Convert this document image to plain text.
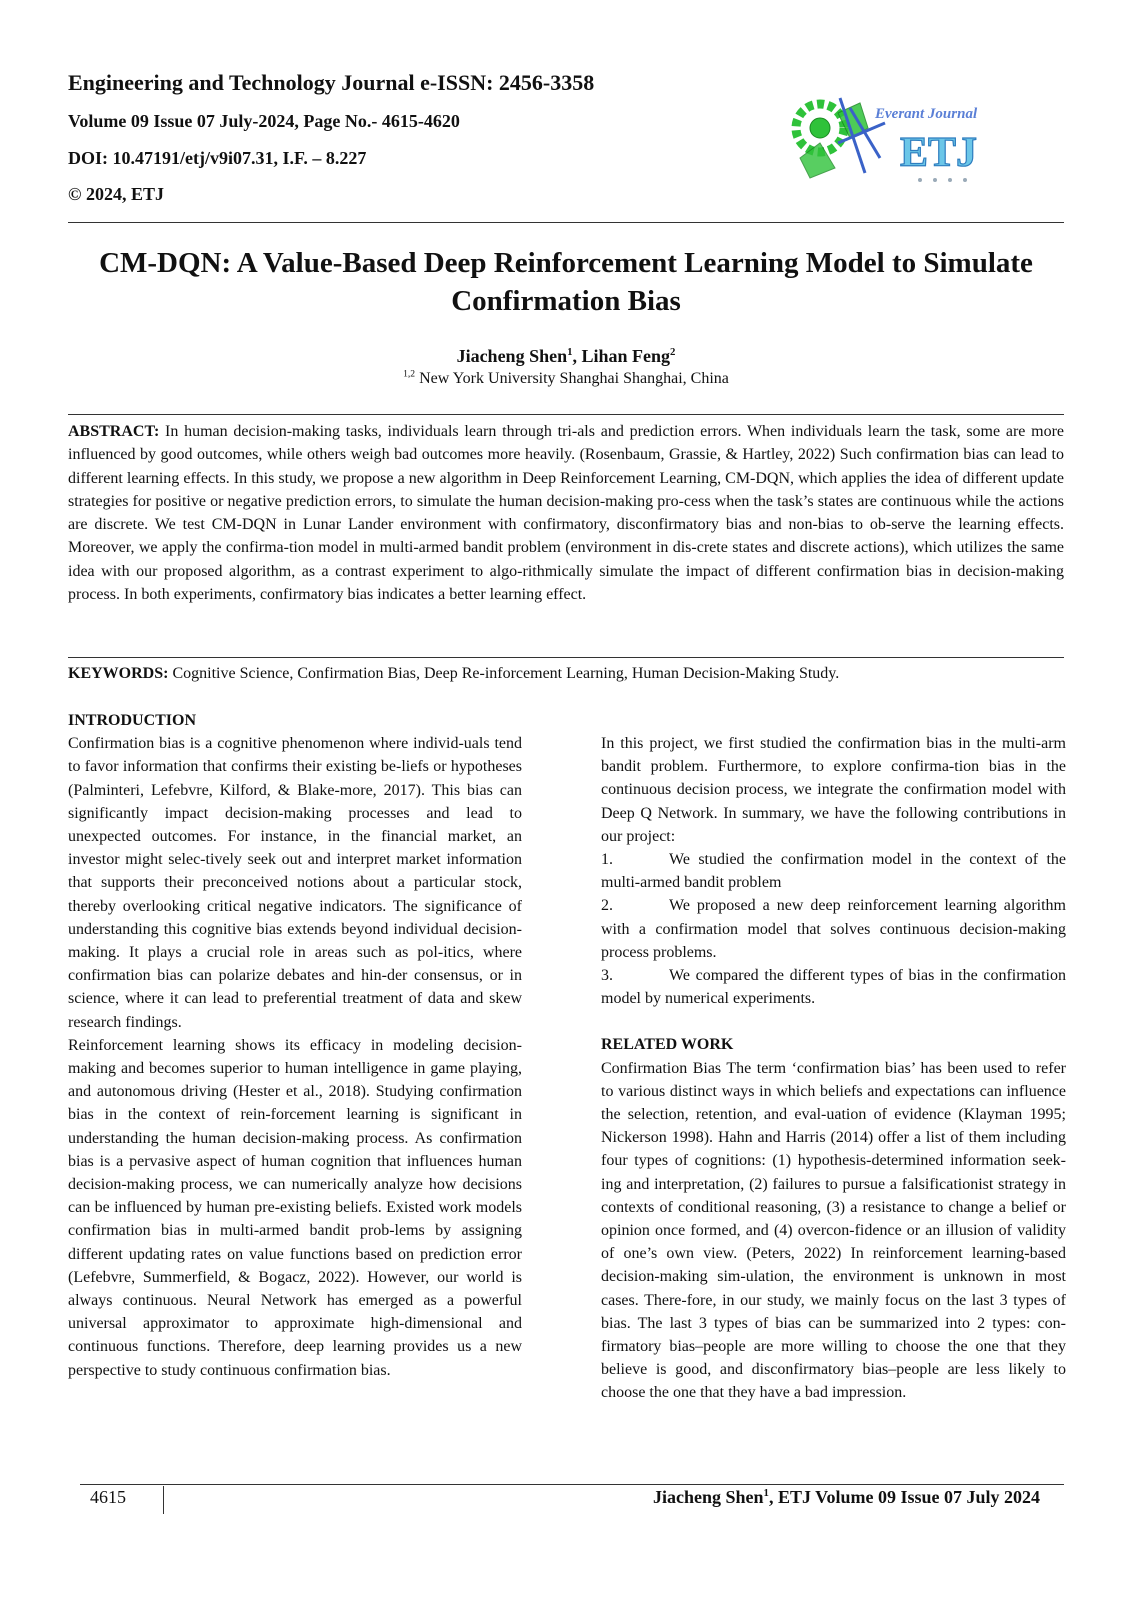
Engineering and Technology Journal e-ISSN: 2456-3358
Volume 09 Issue 07 July-2024, Page No.- 4615-4620
DOI: 10.47191/etj/v9i07.31, I.F. – 8.227
© 2024, ETJ
Everant Journal
ETJ
CM-DQN: A Value-Based Deep Reinforcement Learning Model to Simulate Confirmation Bias
Jiacheng Shen$^1$, Lihan Feng$^2$
$^{1,2}$ New York University Shanghai Shanghai, China
ABSTRACT: In human decision-making tasks, individuals learn through tri-als and prediction errors. When individuals learn the task, some are more influenced by good outcomes, while others weigh bad outcomes more heavily. (Rosenbaum, Grassie, & Hartley, 2022) Such confirmation bias can lead to different learning effects. In this study, we propose a new algorithm in Deep Reinforcement Learning, CM-DQN, which applies the idea of different update strategies for positive or negative prediction errors, to simulate the human decision-making pro-cess when the task’s states are continuous while the actions are discrete. We test CM-DQN in Lunar Lander environment with confirmatory, disconfirmatory bias and non-bias to ob-serve the learning effects. Moreover, we apply the confirma-tion model in multi-armed bandit problem (environment in dis-crete states and discrete actions), which utilizes the same idea with our proposed algorithm, as a contrast experiment to algo-rithmically simulate the impact of different confirmation bias in decision-making process. In both experiments, confirmatory bias indicates a better learning effect.
KEYWORDS: Cognitive Science, Confirmation Bias, Deep Re-inforcement Learning, Human Decision-Making Study.
INTRODUCTION

Confirmation bias is a cognitive phenomenon where individ-uals tend to favor information that confirms their existing be-liefs or hypotheses (Palminteri, Lefebvre, Kilford, & Blake-more, 2017). This bias can significantly impact decision-making processes and lead to unexpected outcomes. For instance, in the financial market, an investor might selec-tively seek out and interpret market information that supports their preconceived notions about a particular stock, thereby overlooking critical negative indicators. The significance of understanding this cognitive bias extends beyond individual decision-making. It plays a crucial role in areas such as pol-itics, where confirmation bias can polarize debates and hin-der consensus, or in science, where it can lead to preferential treatment of data and skew research findings.

Reinforcement learning shows its efficacy in modeling decision-making and becomes superior to human intelligence in game playing, and autonomous driving (Hester et al., 2018). Studying confirmation bias in the context of rein-forcement learning is significant in understanding the human decision-making process. As confirmation bias is a pervasive aspect of human cognition that influences human decision-making process, we can numerically analyze how decisions can be influenced by human pre-existing beliefs. Existed work models confirmation bias in multi-armed bandit prob-lems by assigning different updating rates on value functions based on prediction error (Lefebvre, Summerfield, & Bogacz, 2022). However, our world is always continuous. Neural Network has emerged as a powerful universal approximator to approximate high-dimensional and continuous functions. Therefore, deep learning provides us a new perspective to study continuous confirmation bias.

In this project, we first studied the confirmation bias in the multi-arm bandit problem. Furthermore, to explore confirma-tion bias in the continuous decision process, we integrate the confirmation model with Deep Q Network. In summary, we have the following contributions in our project:

1.	We studied the confirmation model in the context of the multi-armed bandit problem

2.	We proposed a new deep reinforcement learning algorithm with a confirmation model that solves continuous decision-making process problems.

3.	We compared the different types of bias in the confirmation model by numerical experiments.

RELATED WORK

Confirmation Bias The term ‘confirmation bias’ has been used to refer to various distinct ways in which beliefs and expectations can influence the selection, retention, and eval-uation of evidence (Klayman 1995; Nickerson 1998). Hahn and Harris (2014) offer a list of them including four types of cognitions: (1) hypothesis-determined information seek-ing and interpretation, (2) failures to pursue a falsificationist strategy in contexts of conditional reasoning, (3) a resistance to change a belief or opinion once formed, and (4) overcon-fidence or an illusion of validity of one’s own view. (Peters, 2022) In reinforcement learning-based decision-making sim-ulation, the environment is unknown in most cases. There-fore, in our study, we mainly focus on the last 3 types of bias. The last 3 types of bias can be summarized into 2 types: con-firmatory bias–people are more willing to choose the one that they believe is good, and disconfirmatory bias–people are less likely to choose the one that they have a bad impression.

4615	Jiacheng Shen$^1$, ETJ Volume 09 Issue 07 July 2024
